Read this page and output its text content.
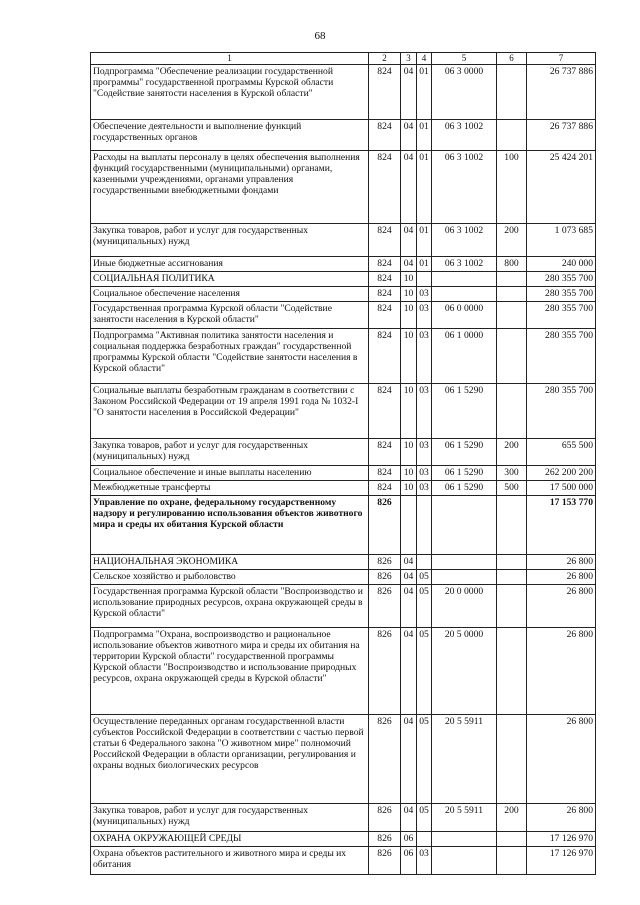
68
1	2	3	4	5	6	7
Подпрограмма "Обеспечение реализации государственной программы" государственной программы Курской области "Содействие занятости населения в Курской области"	824	04	01	06 3 0000		26 737 886
Обеспечение деятельности и выполнение функций государственных органов	824	04	01	06 3 1002		26 737 886
Расходы на выплаты персоналу в целях обеспечения выполнения функций государственными (муниципальными) органами, казенными учреждениями, органами управления государственными внебюджетными фондами	824	04	01	06 3 1002	100	25 424 201
Закупка товаров, работ и услуг для государственных (муниципальных) нужд	824	04	01	06 3 1002	200	1 073 685
Иные бюджетные ассигнования	824	04	01	06 3 1002	800	240 000
СОЦИАЛЬНАЯ ПОЛИТИКА	824	10				280 355 700
Социальное обеспечение населения	824	10	03			280 355 700
Государственная программа Курской области "Содействие занятости населения в Курской области"	824	10	03	06 0 0000		280 355 700
Подпрограмма "Активная политика занятости населения и социальная поддержка безработных граждан" государственной программы Курской области "Содействие занятости населения в Курской области"	824	10	03	06 1 0000		280 355 700
Социальные выплаты безработным гражданам в соответствии с Законом Российской Федерации от 19 апреля 1991 года № 1032-I "О занятости населения в Российской Федерации"	824	10	03	06 1 5290		280 355 700
Закупка товаров, работ и услуг для государственных (муниципальных) нужд	824	10	03	06 1 5290	200	655 500
Социальное обеспечение и иные выплаты населению	824	10	03	06 1 5290	300	262 200 200
Межбюджетные трансферты	824	10	03	06 1 5290	500	17 500 000
Управление по охране, федеральному государственному надзору и регулированию использования объектов животного мира и среды их обитания Курской области	826					17 153 770
НАЦИОНАЛЬНАЯ ЭКОНОМИКА	826	04				26 800
Сельское хозяйство и рыболовство	826	04	05			26 800
Государственная программа Курской области "Воспроизводство и использование природных ресурсов, охрана окружающей среды в Курской области"	826	04	05	20 0 0000		26 800
Подпрограмма "Охрана, воспроизводство и рациональное использование объектов животного мира и среды их обитания на территории Курской области" государственной программы Курской области "Воспроизводство и использование природных ресурсов, охрана окружающей среды в Курской области"	826	04	05	20 5 0000		26 800
Осуществление переданных органам государственной власти субъектов Российской Федерации в соответствии с частью первой статьи 6 Федерального закона "О животном мире" полномочий Российской Федерации в области организации, регулирования и охраны водных биологических ресурсов	826	04	05	20 5 5911		26 800
Закупка товаров, работ и услуг для государственных (муниципальных) нужд	826	04	05	20 5 5911	200	26 800
ОХРАНА ОКРУЖАЮЩЕЙ СРЕДЫ	826	06				17 126 970
Охрана объектов растительного и животного мира и среды их обитания	826	06	03			17 126 970
